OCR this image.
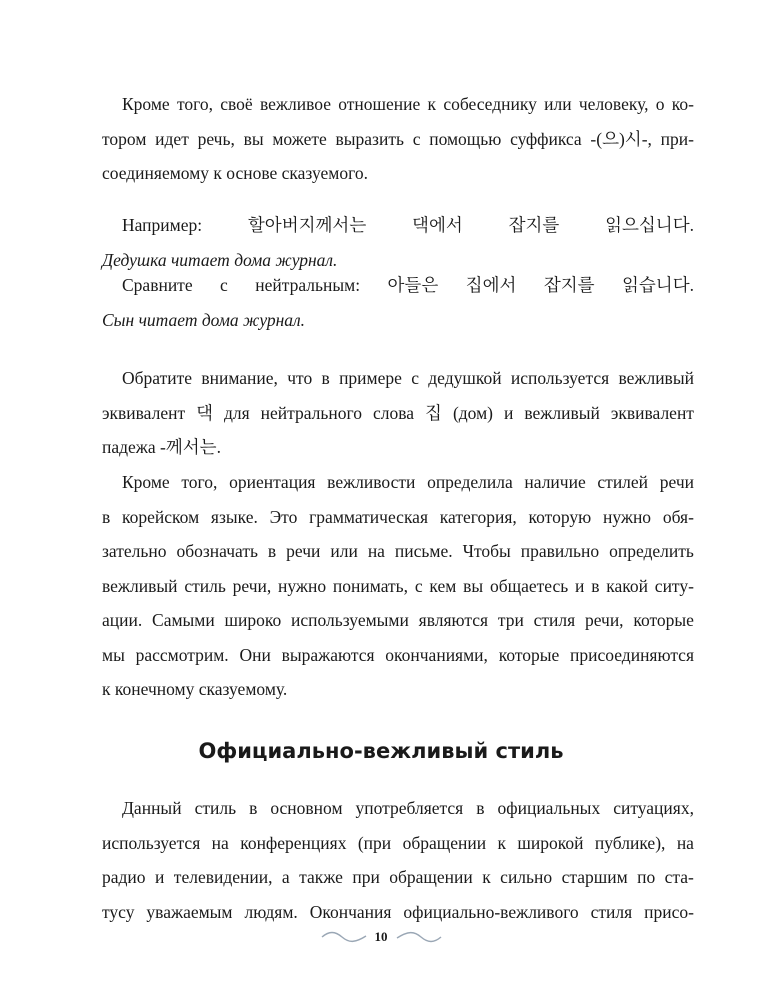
Кроме того, своё вежливое отношение к собеседнику или человеку, о ко-
тором идет речь, вы можете выразить с помощью суффикса -(으)시-, при-
соединяемому к основе сказуемого.
Например:	할아버지께서는	댁에서	잡지를	읽으십니다.
Дедушка читает дома журнал.
Сравните с нейтральным: 아들은 집에서 잡지를 읽습니다.
Сын читает дома журнал.
Обратите внимание, что в примере с дедушкой используется вежливый
эквивалент 댁 для нейтрального слова 집 (дом) и вежливый эквивалент
падежа -께서는.
Кроме того, ориентация вежливости определила наличие стилей речи
в корейском языке. Это грамматическая категория, которую нужно обя-
зательно обозначать в речи или на письме. Чтобы правильно определить
вежливый стиль речи, нужно понимать, с кем вы общаетесь и в какой ситу-
ации. Самыми широко используемыми являются три стиля речи, которые
мы рассмотрим. Они выражаются окончаниями, которые присоединяются
к конечному сказуемому.
Официально-вежливый стиль
Данный стиль в основном употребляется в официальных ситуациях,
используется на конференциях (при обращении к широкой публике), на
радио и телевидении, а также при обращении к сильно старшим по ста-
тусу уважаемым людям. Окончания официально-вежливого стиля присо-
10
